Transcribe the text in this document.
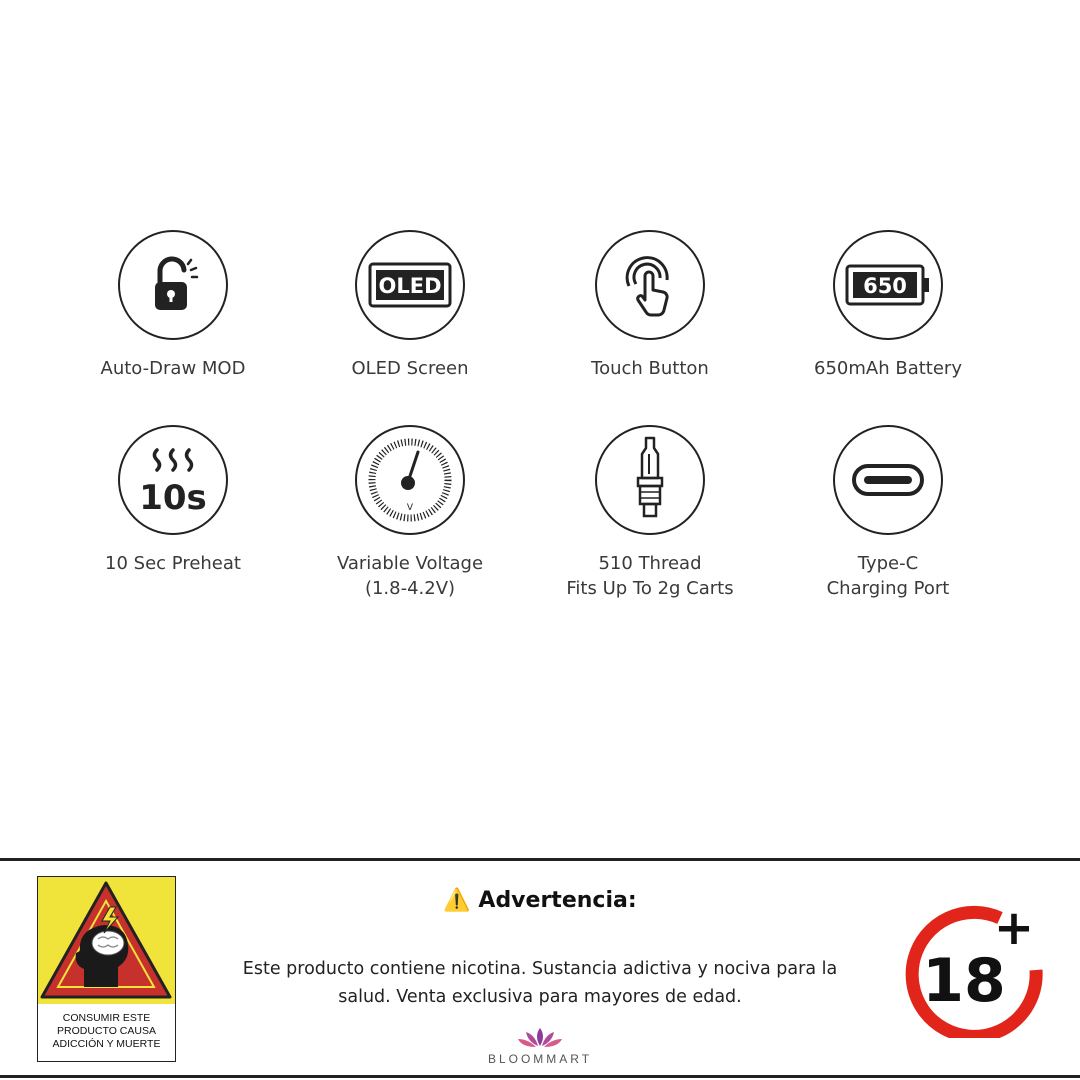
Auto-Draw MOD
OLED
OLED Screen	Touch Button
650
650mAh Battery
10s
10 Sec Preheat
V
Variable Voltage
(1.8-4.2V)
510 Thread
Fits Up To 2g Carts
Type-C
Charging Port
CONSUMIR ESTE
PRODUCTO CAUSA
ADICCIÓN Y MUERTE
⚠️ Advertencia:
Este producto contiene nicotina. Sustancia adictiva y nociva para la salud. Venta exclusiva para mayores de edad.
BLOOMMART
18
+
